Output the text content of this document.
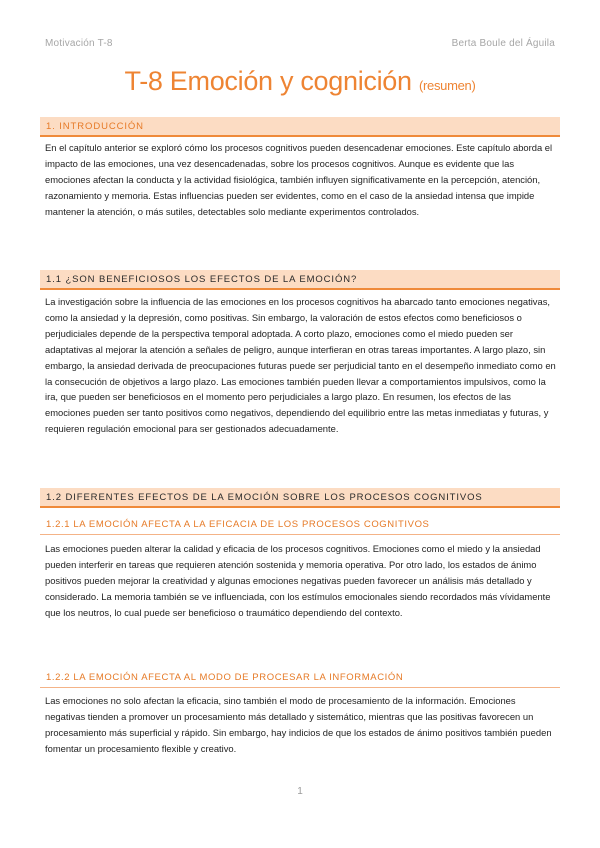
Motivación T-8	Berta Boule del Águila
T-8 Emoción y cognición (resumen)
1. INTRODUCCIÓN

En el capítulo anterior se exploró cómo los procesos cognitivos pueden desencadenar emociones. Este capítulo aborda el impacto de las emociones, una vez desencadenadas, sobre los procesos cognitivos. Aunque es evidente que las emociones afectan la conducta y la actividad fisiológica, también influyen significativamente en la percepción, atención, razonamiento y memoria. Estas influencias pueden ser evidentes, como en el caso de la ansiedad intensa que impide mantener la atención, o más sutiles, detectables solo mediante experimentos controlados.

1.1 ¿SON BENEFICIOSOS LOS EFECTOS DE LA EMOCIÓN?

La investigación sobre la influencia de las emociones en los procesos cognitivos ha abarcado tanto emociones negativas, como la ansiedad y la depresión, como positivas. Sin embargo, la valoración de estos efectos como beneficiosos o perjudiciales depende de la perspectiva temporal adoptada. A corto plazo, emociones como el miedo pueden ser adaptativas al mejorar la atención a señales de peligro, aunque interfieran en otras tareas importantes. A largo plazo, sin embargo, la ansiedad derivada de preocupaciones futuras puede ser perjudicial tanto en el desempeño inmediato como en la consecución de objetivos a largo plazo. Las emociones también pueden llevar a comportamientos impulsivos, como la ira, que pueden ser beneficiosos en el momento pero perjudiciales a largo plazo. En resumen, los efectos de las emociones pueden ser tanto positivos como negativos, dependiendo del equilibrio entre las metas inmediatas y futuras, y requieren regulación emocional para ser gestionados adecuadamente.

1.2 DIFERENTES EFECTOS DE LA EMOCIÓN SOBRE LOS PROCESOS COGNITIVOS
1.2.1 LA EMOCIÓN AFECTA A LA EFICACIA DE LOS PROCESOS COGNITIVOS

Las emociones pueden alterar la calidad y eficacia de los procesos cognitivos. Emociones como el miedo y la ansiedad pueden interferir en tareas que requieren atención sostenida y memoria operativa. Por otro lado, los estados de ánimo positivos pueden mejorar la creatividad y algunas emociones negativas pueden favorecer un análisis más detallado y considerado. La memoria también se ve influenciada, con los estímulos emocionales siendo recordados más vívidamente que los neutros, lo cual puede ser beneficioso o traumático dependiendo del contexto.

1.2.2 LA EMOCIÓN AFECTA AL MODO DE PROCESAR LA INFORMACIÓN

Las emociones no solo afectan la eficacia, sino también el modo de procesamiento de la información. Emociones negativas tienden a promover un procesamiento más detallado y sistemático, mientras que las positivas favorecen un procesamiento más superficial y rápido. Sin embargo, hay indicios de que los estados de ánimo positivos también pueden fomentar un procesamiento flexible y creativo.

1
